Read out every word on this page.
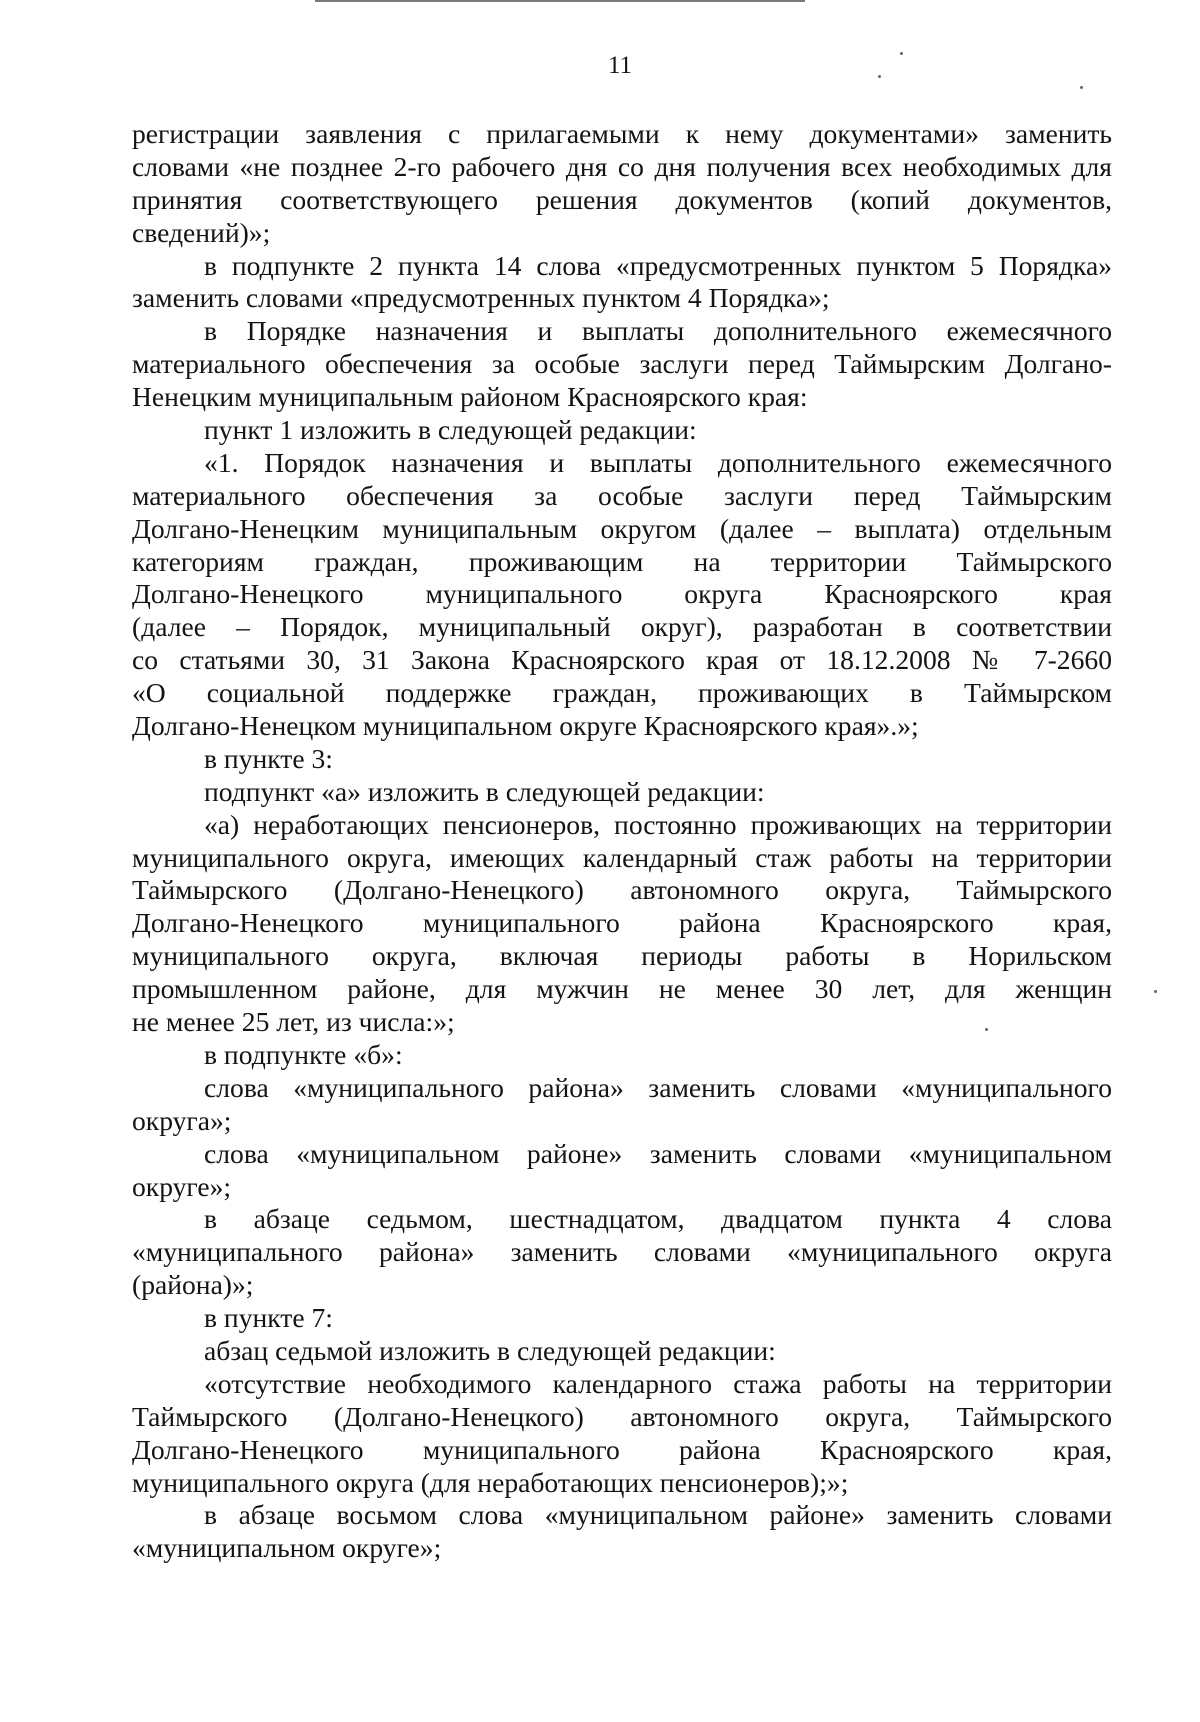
11
регистрации заявления с прилагаемыми к нему документами» заменить
словами «не позднее 2-го рабочего дня со дня получения всех необходимых для
принятия соответствующего решения документов (копий документов,
сведений)»;
в подпункте 2 пункта 14 слова «предусмотренных пунктом 5 Порядка»
заменить словами «предусмотренных пунктом 4 Порядка»;
в Порядке назначения и выплаты дополнительного ежемесячного
материального обеспечения за особые заслуги перед Таймырским Долгано-
Ненецким муниципальным районом Красноярского края:
пункт 1 изложить в следующей редакции:
«1. Порядок назначения и выплаты дополнительного ежемесячного
материального обеспечения за особые заслуги перед Таймырским
Долгано-Ненецким муниципальным округом (далее – выплата) отдельным
категориям граждан, проживающим на территории Таймырского
Долгано-Ненецкого муниципального округа Красноярского края
(далее – Порядок, муниципальный округ), разработан в соответствии
со статьями 30, 31 Закона Красноярского края от 18.12.2008 № 7-2660
«О социальной поддержке граждан, проживающих в Таймырском
Долгано-Ненецком муниципальном округе Красноярского края».»;
в пункте 3:
подпункт «а» изложить в следующей редакции:
«а) неработающих пенсионеров, постоянно проживающих на территории
муниципального округа, имеющих календарный стаж работы на территории
Таймырского (Долгано-Ненецкого) автономного округа, Таймырского
Долгано-Ненецкого муниципального района Красноярского края,
муниципального округа, включая периоды работы в Норильском
промышленном районе, для мужчин не менее 30 лет, для женщин
не менее 25 лет, из числа:»;
в подпункте «б»:
слова «муниципального района» заменить словами «муниципального
округа»;
слова «муниципальном районе» заменить словами «муниципальном
округе»;
в абзаце седьмом, шестнадцатом, двадцатом пункта 4 слова
«муниципального района» заменить словами «муниципального округа
(района)»;
в пункте 7:
абзац седьмой изложить в следующей редакции:
«отсутствие необходимого календарного стажа работы на территории
Таймырского (Долгано-Ненецкого) автономного округа, Таймырского
Долгано-Ненецкого муниципального района Красноярского края,
муниципального округа (для неработающих пенсионеров);»;
в абзаце восьмом слова «муниципальном районе» заменить словами
«муниципальном округе»;
